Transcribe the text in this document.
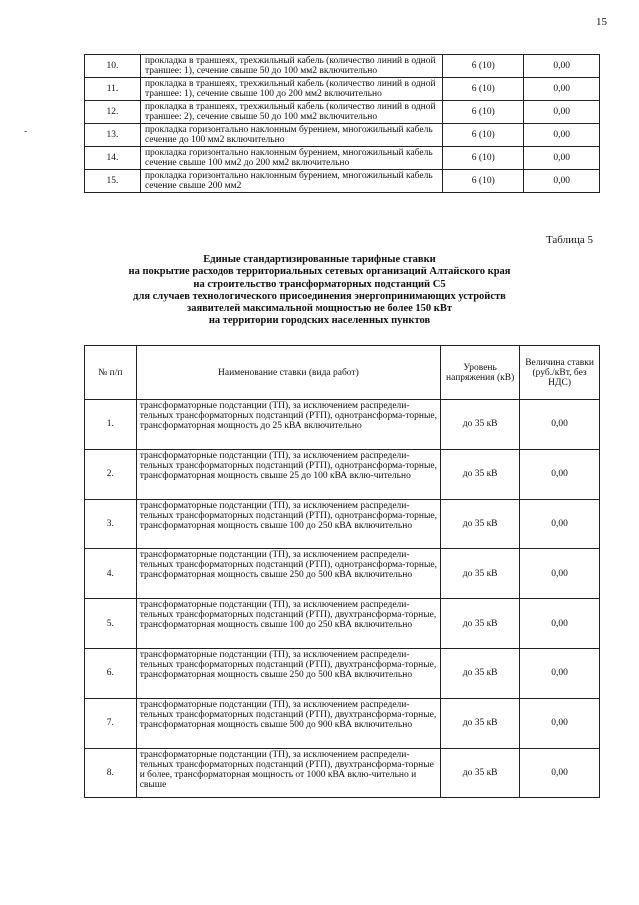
15
-
10.	прокладка в траншеях, трехжильный кабель (количество линий в одной траншее: 1), сечение свыше 50 до 100 мм2 включительно	6 (10)	0,00
11.	прокладка в траншеях, трехжильный кабель (количество линий в одной траншее: 1), сечение свыше 100 до 200 мм2 включительно	6 (10)	0,00
12.	прокладка в траншеях, трехжильный кабель (количество линий в одной траншее: 2), сечение свыше 50 до 100 мм2 включительно	6 (10)	0,00
13.	прокладка горизонтально наклонным бурением, многожильный кабель сечение до 100 мм2 включительно	6 (10)	0,00
14.	прокладка горизонтально наклонным бурением, многожильный кабель сечение свыше 100 мм2 до 200 мм2 включительно	6 (10)	0,00
15.	прокладка горизонтально наклонным бурением, многожильный кабель сечение свыше 200 мм2	6 (10)	0,00
Таблица 5
Единые стандартизированные тарифные ставки
на покрытие расходов территориальных сетевых организаций Алтайского края
на строительство трансформаторных подстанций С5
для случаев технологического присоединения энергопринимающих устройств
заявителей максимальной мощностью не более 150 кВт
на территории городских населенных пунктов
№ п/п	Наименование ставки (вида работ)	Уровень напряжения (кВ)	Величина ставки (руб./кВт, без НДС)
1.	трансформаторные подстанции (ТП), за исключением распредели-тельных трансформаторных подстанций (РТП), однотрансформа-торные, трансформаторная мощность до 25 кВА включительно	до 35 кВ	0,00
2.	трансформаторные подстанции (ТП), за исключением распредели-тельных трансформаторных подстанций (РТП), однотрансформа-торные, трансформаторная мощность свыше 25 до 100 кВА вклю-чительно	до 35 кВ	0,00
3.	трансформаторные подстанции (ТП), за исключением распредели-тельных трансформаторных подстанций (РТП), однотрансформа-торные, трансформаторная мощность свыше 100 до 250 кВА включительно	до 35 кВ	0,00
4.	трансформаторные подстанции (ТП), за исключением распредели-тельных трансформаторных подстанций (РТП), однотрансформа-торные, трансформаторная мощность свыше 250 до 500 кВА включительно	до 35 кВ	0,00
5.	трансформаторные подстанции (ТП), за исключением распредели-тельных трансформаторных подстанций (РТП), двухтрансформа-торные, трансформаторная мощность свыше 100 до 250 кВА включительно	до 35 кВ	0,00
6.	трансформаторные подстанции (ТП), за исключением распредели-тельных трансформаторных подстанций (РТП), двухтрансформа-торные, трансформаторная мощность свыше 250 до 500 кВА включительно	до 35 кВ	0,00
7.	трансформаторные подстанции (ТП), за исключением распредели-тельных трансформаторных подстанций (РТП), двухтрансформа-торные, трансформаторная мощность свыше 500 до 900 кВА включительно	до 35 кВ	0,00
8.	трансформаторные подстанции (ТП), за исключением распредели-тельных трансформаторных подстанций (РТП), двухтрансформа-торные и более, трансформаторная мощность от 1000 кВА вклю-чительно и свыше	до 35 кВ	0,00
